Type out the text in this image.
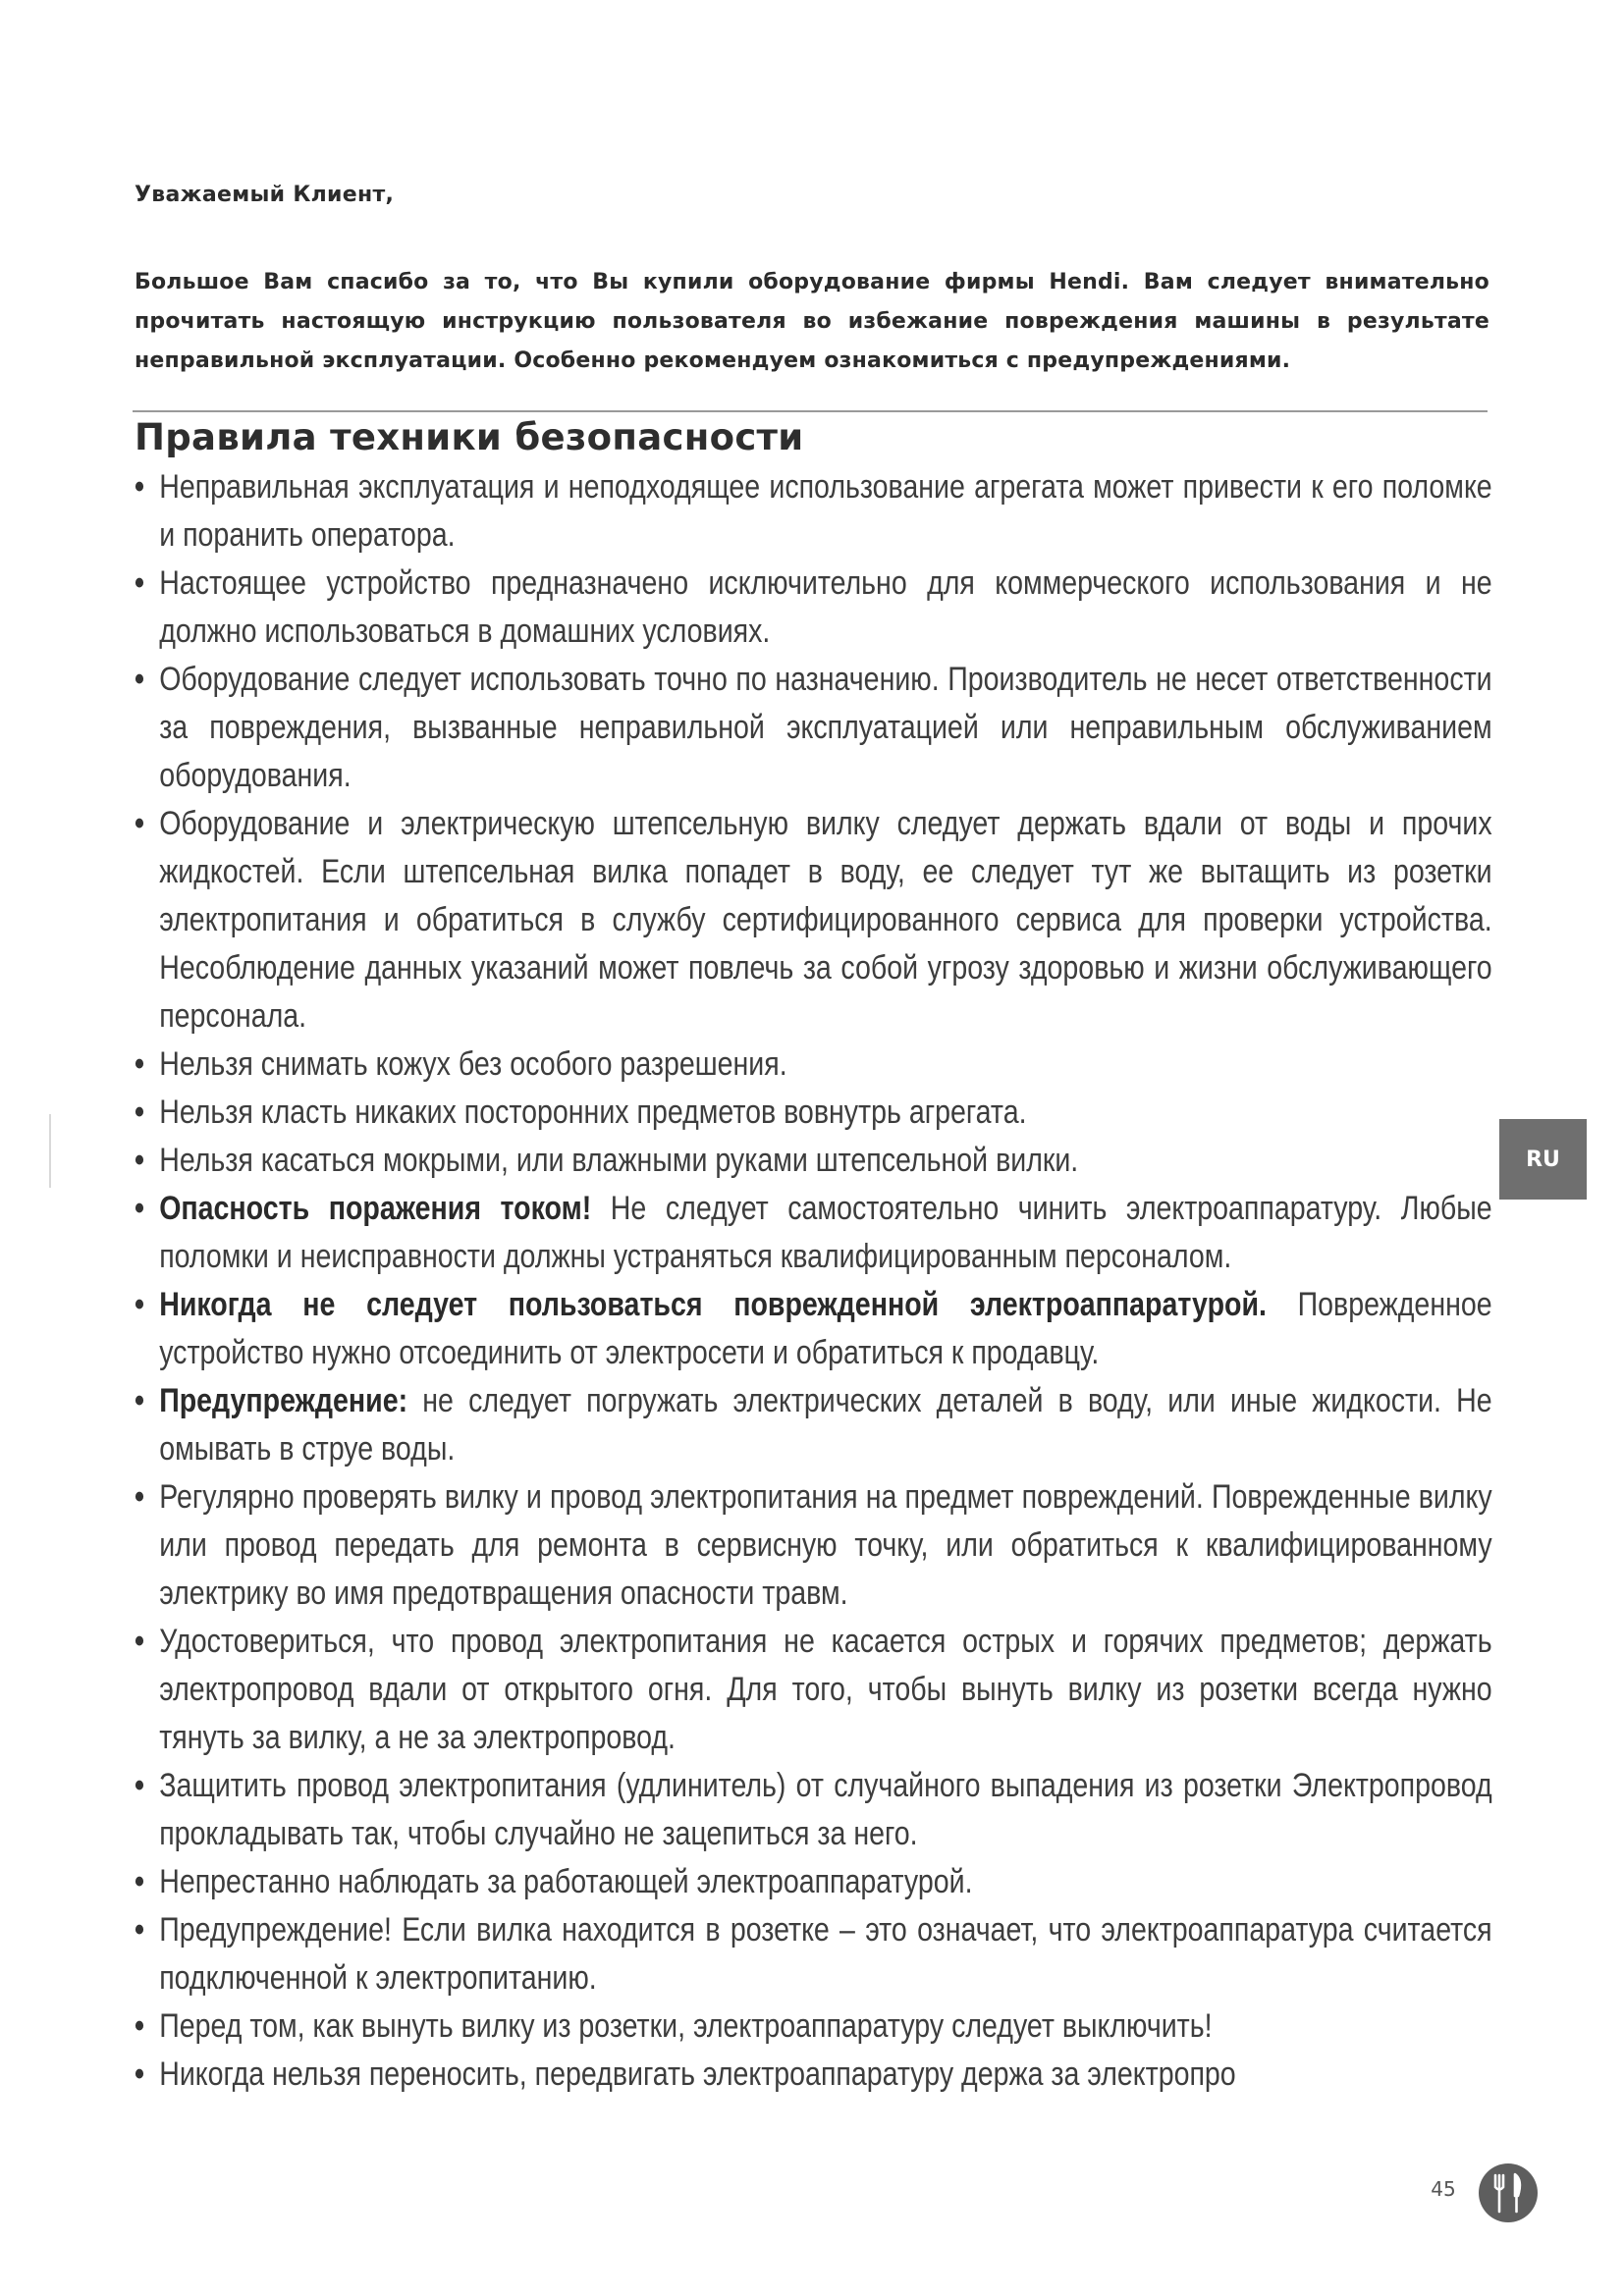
Уважаемый Клиент,
Большое Вам спасибо за то, что Вы купили оборудование фирмы Hendi. Вам следует внимательно прочитать настоящую инструкцию пользователя во избежание повреждения машины в результате неправильной эксплуатации. Особенно рекомендуем ознакомиться с предупреждениями.
Правила техники безопасности
• Неправильная эксплуатация и неподходящее использование агрегата может привести к его поломке и поранить оператора.
• Настоящее устройство предназначено исключительно для коммерческого использования и не должно использоваться в домашних условиях.
• Оборудование следует использовать точно по назначению. Производитель не несет ответственности за повреждения, вызванные неправильной эксплуатацией или неправильным обслуживанием оборудования.
• Оборудование и электрическую штепсельную вилку следует держать вдали от воды и прочих жидкостей. Если штепсельная вилка попадет в воду, ее следует тут же вытащить из розетки электропитания и обратиться в службу сертифицированного сервиса для проверки устройства. Несоблюдение данных указаний может повлечь за собой угрозу здоровью и жизни обслуживающего персонала.
• Нельзя снимать кожух без особого разрешения.
• Нельзя класть никаких посторонних предметов вовнутрь агрегата.
• Нельзя касаться мокрыми, или влажными руками штепсельной вилки.
• Опасность поражения током! Не следует самостоятельно чинить электроаппаратуру. Любые поломки и неисправности должны устраняться квалифицированным персоналом.
• Никогда не следует пользоваться поврежденной электроаппаратурой. Поврежденное устройство нужно отсоединить от электросети и обратиться к продавцу.
• Предупреждение: не следует погружать электрических деталей в воду, или иные жидкости. Не омывать в струе воды.
• Регулярно проверять вилку и провод электропитания на предмет повреждений. Поврежденные вилку или провод передать для ремонта в сервисную точку, или обратиться к квалифицированному электрику во имя предотвращения опасности травм.
• Удостовериться, что провод электропитания не касается острых и горячих предметов; держать электропровод вдали от открытого огня. Для того, чтобы вынуть вилку из розетки всегда нужно тянуть за вилку, а не за электропровод.
• Защитить провод электропитания (удлинитель) от случайного выпадения из розетки Электропровод прокладывать так, чтобы случайно не зацепиться за него.
• Непрестанно наблюдать за работающей электроаппаратурой.
• Предупреждение! Если вилка находится в розетке – это означает, что электроаппаратура считается подключенной к электропитанию.
• Перед том, как вынуть вилку из розетки, электроаппаратуру следует выключить!
• Никогда нельзя переносить, передвигать электроаппаратуру держа за электропро
RU
45
